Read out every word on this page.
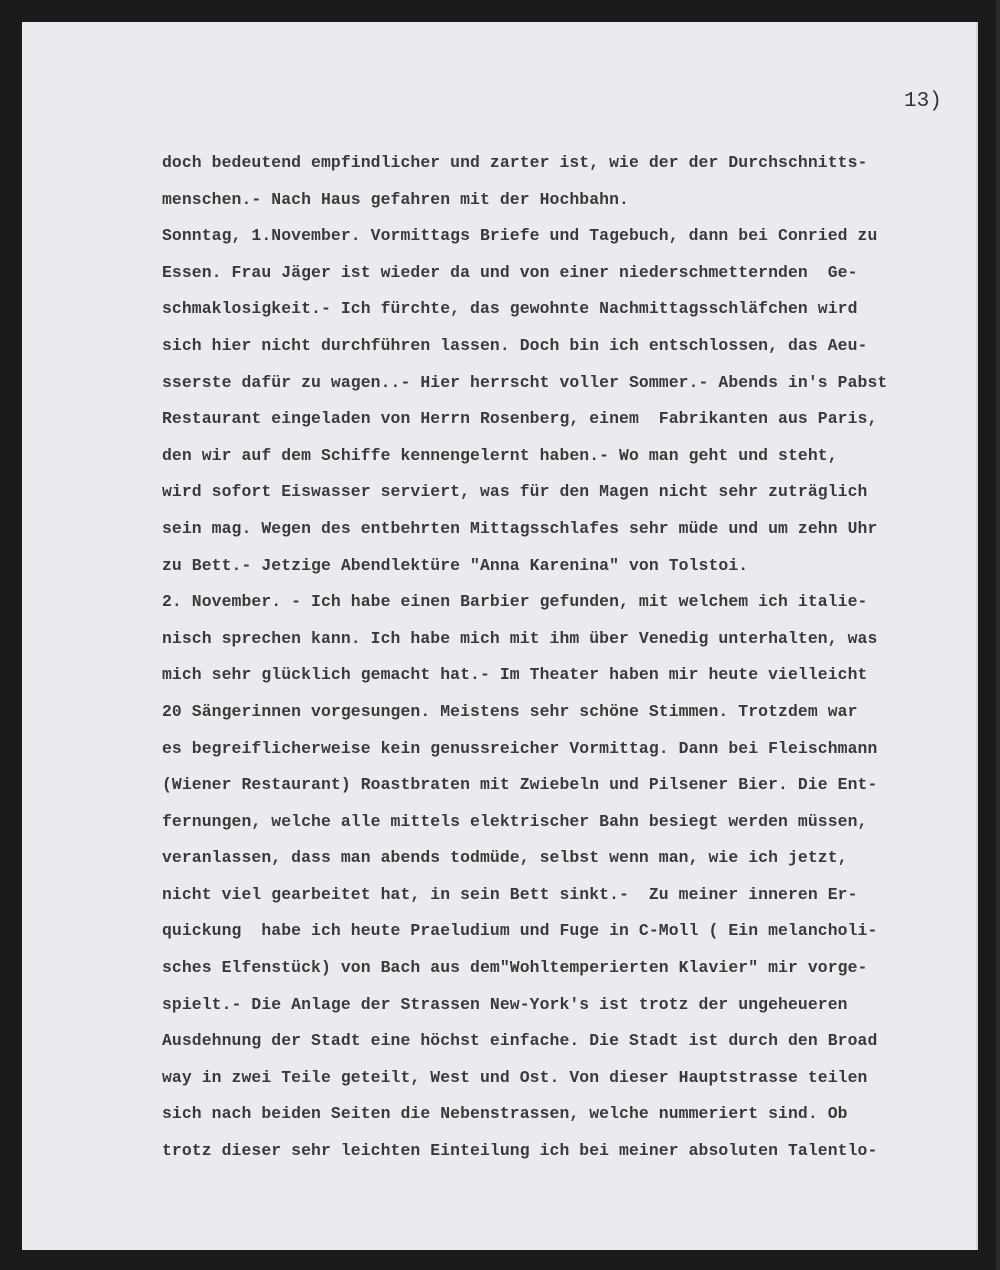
13)
doch bedeutend empfindlicher und zarter ist, wie der der Durchschnitts-
menschen.- Nach Haus gefahren mit der Hochbahn.
Sonntag, 1.November. Vormittags Briefe und Tagebuch, dann bei Conried zu
Essen. Frau Jäger ist wieder da und von einer niederschmetternden  Ge-
schmaklosigkeit.- Ich fürchte, das gewohnte Nachmittagsschläfchen wird
sich hier nicht durchführen lassen. Doch bin ich entschlossen, das Aeu-
sserste dafür zu wagen..- Hier herrscht voller Sommer.- Abends in's Pabst
Restaurant eingeladen von Herrn Rosenberg, einem  Fabrikanten aus Paris,
den wir auf dem Schiffe kennengelernt haben.- Wo man geht und steht,
wird sofort Eiswasser serviert, was für den Magen nicht sehr zuträglich
sein mag. Wegen des entbehrten Mittagsschlafes sehr müde und um zehn Uhr
zu Bett.- Jetzige Abendlektüre "Anna Karenina" von Tolstoi.
2. November. - Ich habe einen Barbier gefunden, mit welchem ich italie-
nisch sprechen kann. Ich habe mich mit ihm über Venedig unterhalten, was
mich sehr glücklich gemacht hat.- Im Theater haben mir heute vielleicht
20 Sängerinnen vorgesungen. Meistens sehr schöne Stimmen. Trotzdem war
es begreiflicherweise kein genussreicher Vormittag. Dann bei Fleischmann
(Wiener Restaurant) Roastbraten mit Zwiebeln und Pilsener Bier. Die Ent-
fernungen, welche alle mittels elektrischer Bahn besiegt werden müssen,
veranlassen, dass man abends todmüde, selbst wenn man, wie ich jetzt,
nicht viel gearbeitet hat, in sein Bett sinkt.-  Zu meiner inneren Er-
quickung  habe ich heute Praeludium und Fuge in C-Moll ( Ein melancholi-
sches Elfenstück) von Bach aus dem"Wohltemperierten Klavier" mir vorge-
spielt.- Die Anlage der Strassen New-York's ist trotz der ungeheueren
Ausdehnung der Stadt eine höchst einfache. Die Stadt ist durch den Broad
way in zwei Teile geteilt, West und Ost. Von dieser Hauptstrasse teilen
sich nach beiden Seiten die Nebenstrassen, welche nummeriert sind. Ob
trotz dieser sehr leichten Einteilung ich bei meiner absoluten Talentlo-
